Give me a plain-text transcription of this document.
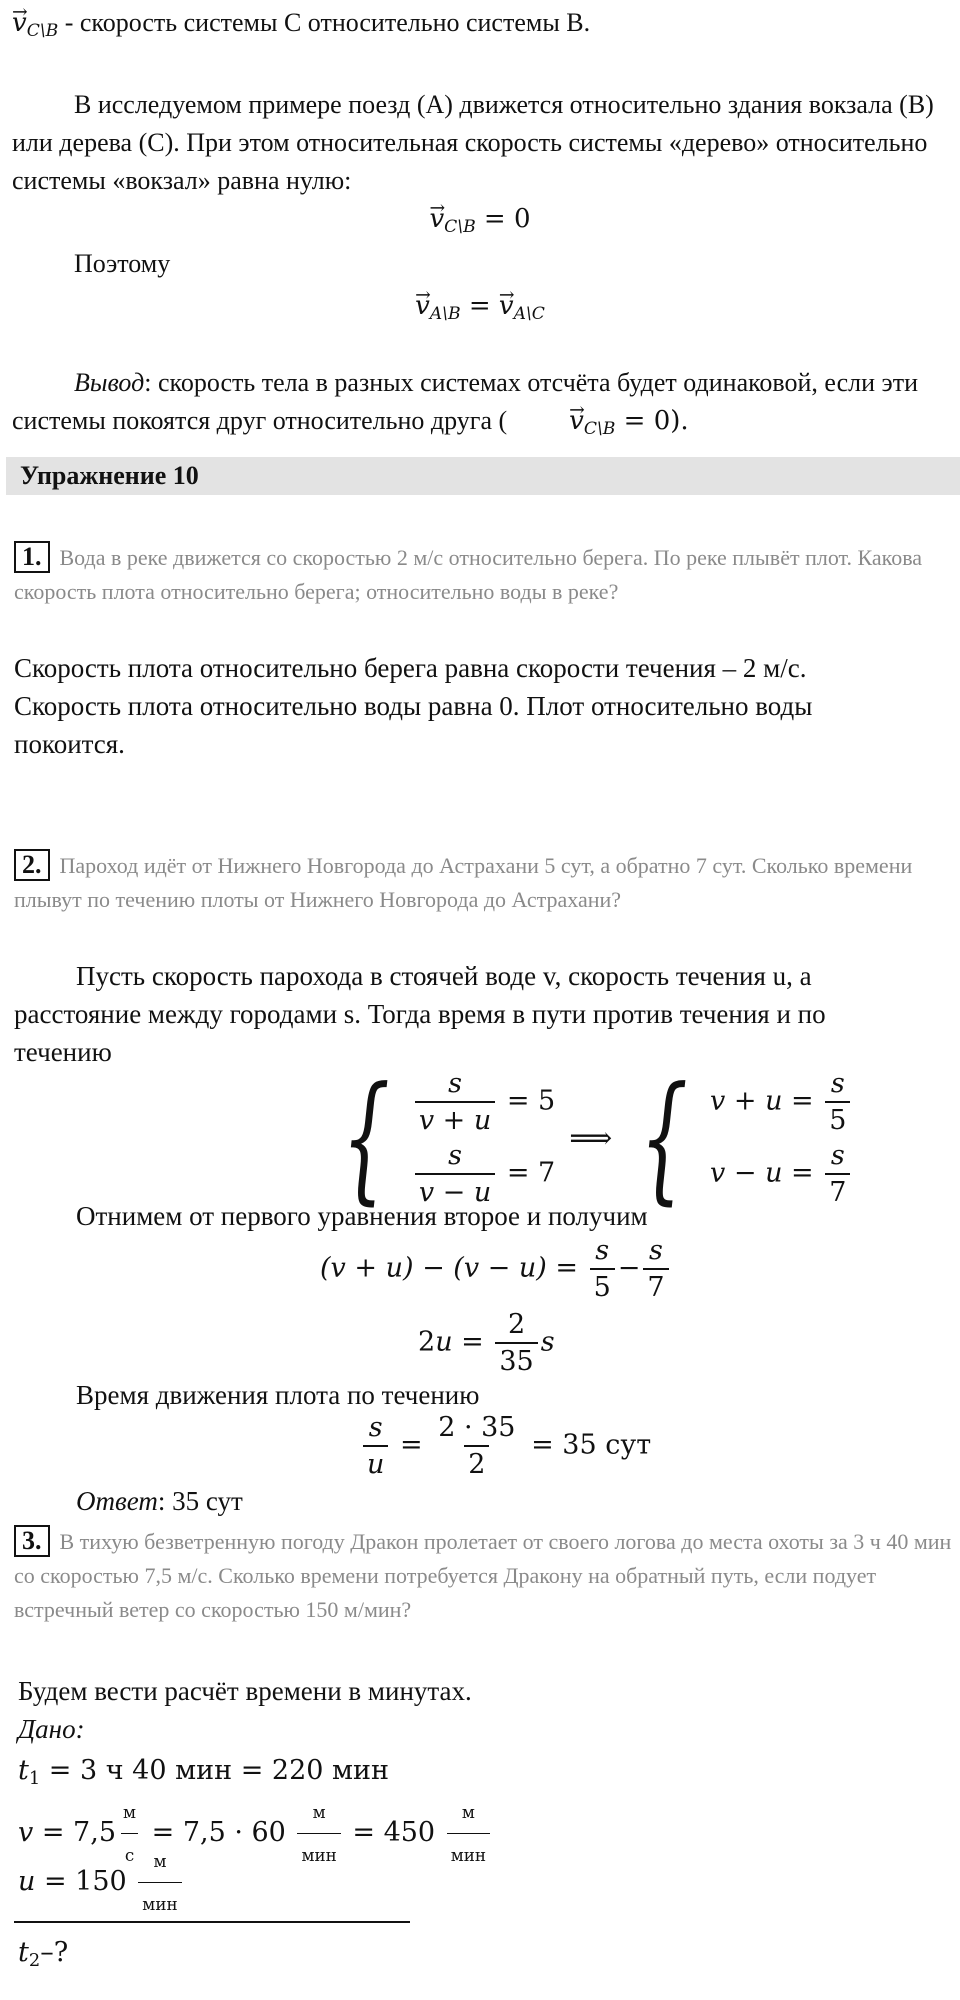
→ $v_{C\backslash B}$ - скорость системы С относительно системы В.
В исследуемом примере поезд (А) движется относительно здания вокзала (В) или дерева (С). При этом относительная скорость системы «дерево» относительно системы «вокзал» равна нулю:
→ $v_{C\backslash B} = 0$
Поэтому
→ $v_{A\backslash B}$ = → $v_{A\backslash C}$
Вывод: скорость тела в разных системах отсчёта будет одинаковой, если эти системы покоятся друг относительно друга (→ $v_{C\backslash B} = 0$).
Упражнение 10
1. Вода в реке движется со скоростью 2 м/с относительно берега. По реке плывёт плот. Какова скорость плота относительно берега; относительно воды в реке?
Скорость плота относительно берега равна скорости течения – 2 м/с. Скорость плота относительно воды равна 0. Плот относительно воды покоится.
2. Пароход идёт от Нижнего Новгорода до Астрахани 5 сут, а обратно 7 сут. Сколько времени плывут по течению плоты от Нижнего Новгорода до Астрахани?
Пусть скорость парохода в стоячей воде v, скорость течения u, а расстояние между городами s. Тогда время в пути против течения и по течению
{ $\frac{s}{v + u} = 5$
$\frac{s}{v - u} = 7$
⟹ { $v + u = \frac{s}{5}$
$v - u = \frac{s}{7}$
Отнимем от первого уравнения второе и получим
$(v + u) - (v - u) = \frac{s}{5} - \frac{s}{7}$
$2u = \frac{2}{35}$ s
Время движения плота по течению
$\frac{s}{u} = \frac{2 \cdot 35}{2} = 35$ сут
Ответ: 35 сут
3. В тихую безветренную погоду Дракон пролетает от своего логова до места охоты за 3 ч 40 мин со скоростью 7,5 м/с. Сколько времени потребуется Дракону на обратный путь, если подует встречный ветер со скоростью 150 м/мин?
Будем вести расчёт времени в минутах.
Дано:
$t_1 = 3$ ч 40 мин = 220 мин
$v = 7,5 \frac{м}{с} = 7,5 \cdot 60 \frac{м}{\text{мин}} = 450 \frac{м}{\text{мин}}$
$u = 150 \frac{м}{\text{мин}}$
$t_2-$?
